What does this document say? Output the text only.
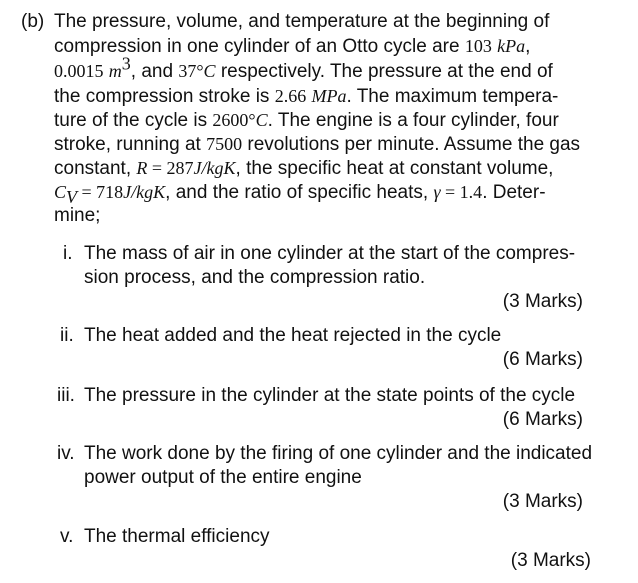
(b) The pressure, volume, and temperature at the beginning of
compression in one cylinder of an Otto cycle are 103 kPa,
0.0015 $m^3$, and 37°C respectively. The pressure at the end of
the compression stroke is 2.66 MPa. The maximum tempera-
ture of the cycle is 2600°C. The engine is a four cylinder, four
stroke, running at 7500 revolutions per minute. Assume the gas
constant, R = 287J/kgK, the specific heat at constant volume,
$C_V = 718J/kgK$, and the ratio of specific heats, γ = 1.4. Deter-
mine;
i. The mass of air in one cylinder at the start of the compres-
sion process, and the compression ratio.
(3 Marks)
ii. The heat added and the heat rejected in the cycle
(6 Marks)
iii. The pressure in the cylinder at the state points of the cycle
(6 Marks)
iv. The work done by the firing of one cylinder and the indicated
power output of the entire engine
(3 Marks)
v. The thermal efficiency
(3 Marks)
